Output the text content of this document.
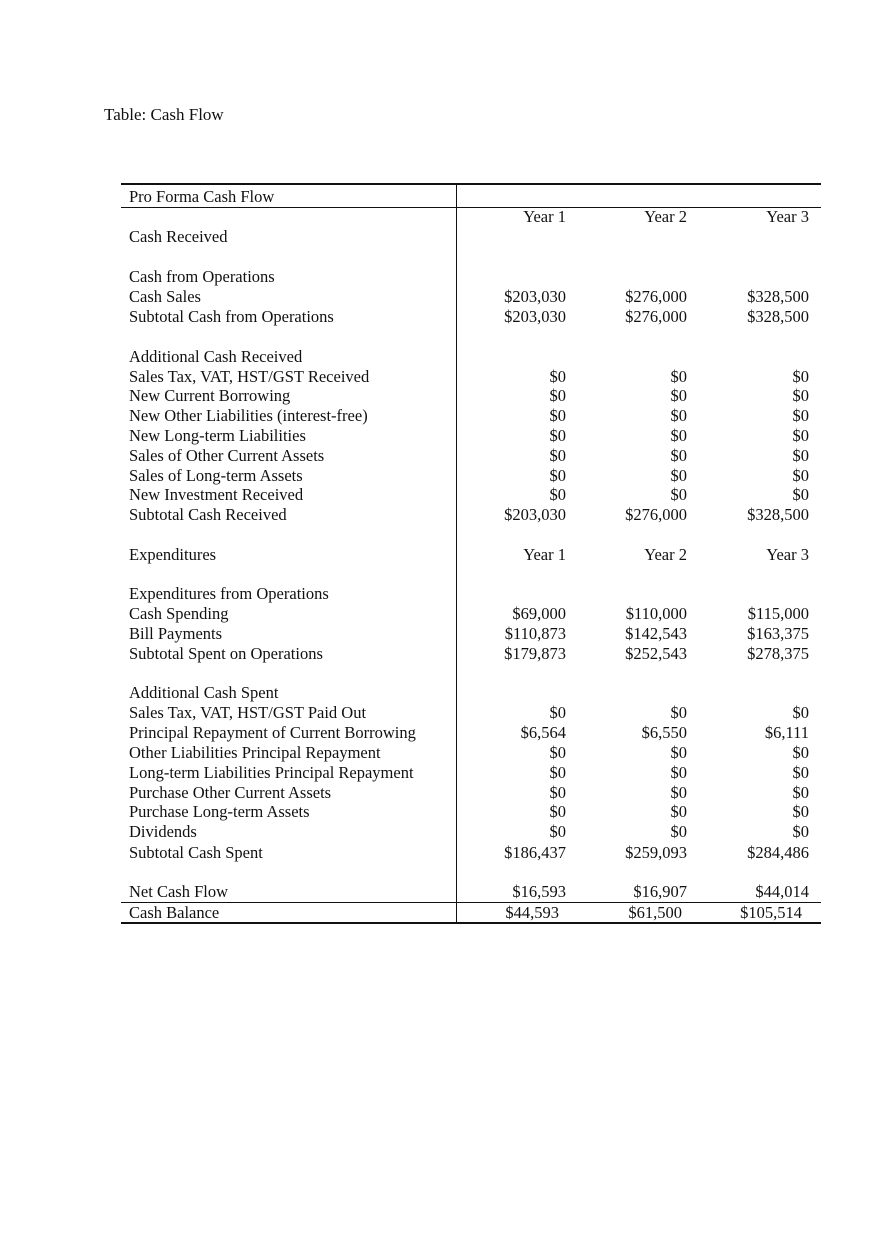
Table: Cash Flow
Pro Forma Cash Flow
Year 1	Year 2	Year 3
Cash Received
Cash from Operations
Cash Sales	$203,030	$276,000	$328,500
Subtotal Cash from Operations	$203,030	$276,000	$328,500
Additional Cash Received
Sales Tax, VAT, HST/GST Received	$0	$0	$0
New Current Borrowing	$0	$0	$0
New Other Liabilities (interest-free)	$0	$0	$0
New Long-term Liabilities	$0	$0	$0
Sales of Other Current Assets	$0	$0	$0
Sales of Long-term Assets	$0	$0	$0
New Investment Received	$0	$0	$0
Subtotal Cash Received	$203,030	$276,000	$328,500
Expenditures	Year 1	Year 2	Year 3
Expenditures from Operations
Cash Spending	$69,000	$110,000	$115,000
Bill Payments	$110,873	$142,543	$163,375
Subtotal Spent on Operations	$179,873	$252,543	$278,375
Additional Cash Spent
Sales Tax, VAT, HST/GST Paid Out	$0	$0	$0
Principal Repayment of Current Borrowing	$6,564	$6,550	$6,111
Other Liabilities Principal Repayment	$0	$0	$0
Long-term Liabilities Principal Repayment	$0	$0	$0
Purchase Other Current Assets	$0	$0	$0
Purchase Long-term Assets	$0	$0	$0
Dividends	$0	$0	$0
Subtotal Cash Spent	$186,437	$259,093	$284,486
Net Cash Flow	$16,593	$16,907	$44,014
Cash Balance	$44,593	$61,500	$105,514
